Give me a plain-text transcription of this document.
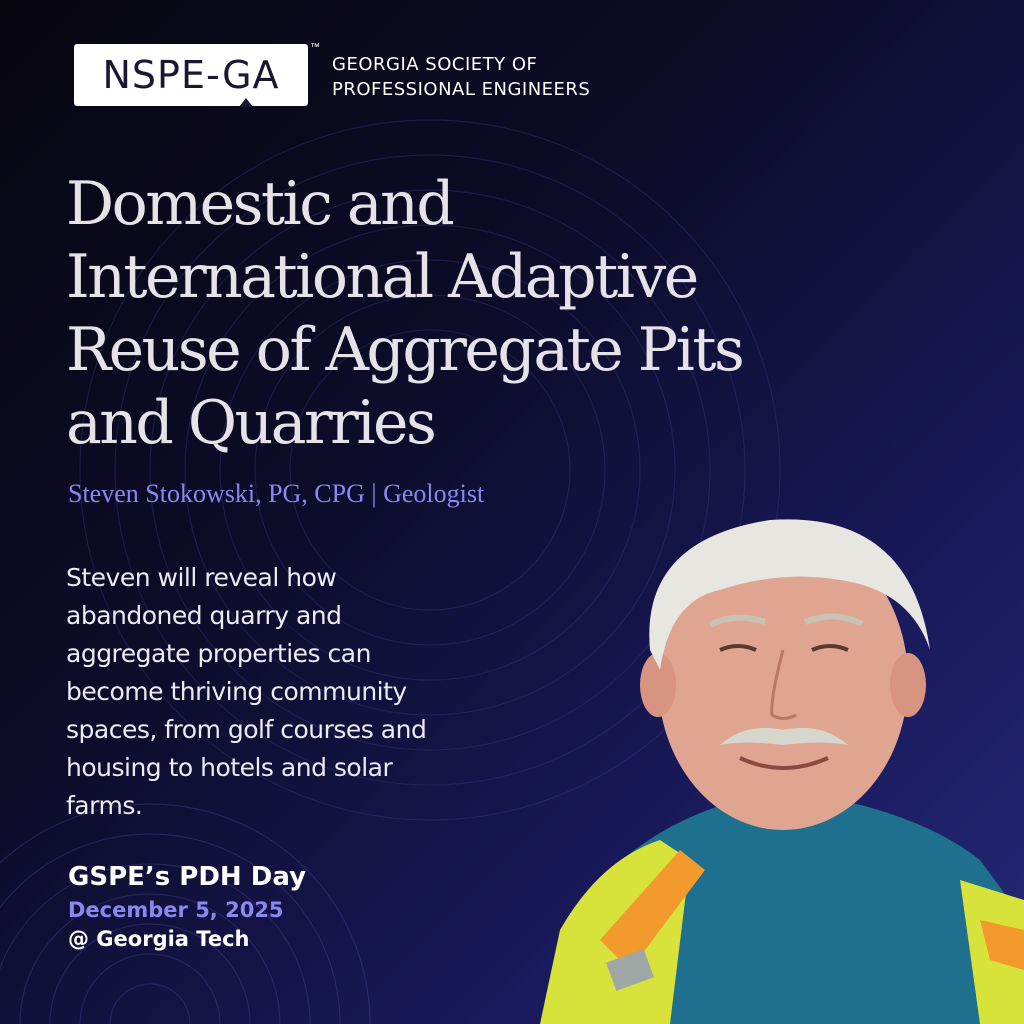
NS PE -GA
™
GEORGIA SOCIETY OF
PROFESSIONAL ENGINEERS
Domestic and
International Adaptive
Reuse of Aggregate Pits
and Quarries
Steven Stokowski, PG, CPG | Geologist
Steven will reveal how
abandoned quarry and
aggregate properties can
become thriving community
spaces, from golf courses and
housing to hotels and solar
farms.
GSPE’s PDH Day
December 5, 2025
@ Georgia Tech
